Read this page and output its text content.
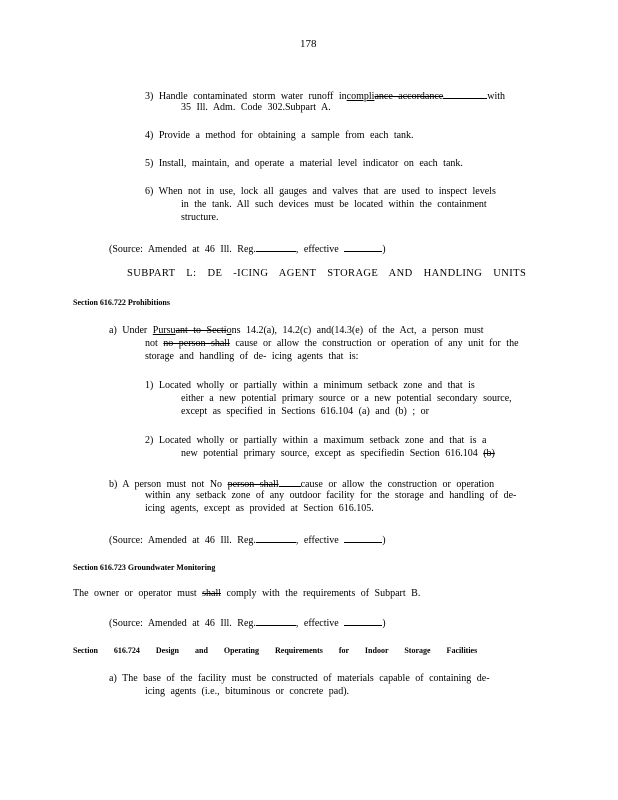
178
3) Handle contaminated storm water runoff incompliance accordance	with
35 Ill. Adm. Code 302.Subpart A.
4) Provide a method for obtaining a sample from each tank.
5) Install, maintain, and operate a material level indicator on each tank.
6) When not in use, lock all gauges and valves that are used to inspect levels
in the tank. All such devices must be located within the containment
structure.
(Source: Amended at 46 Ill. Reg.	, effective	)
SUBPART L: DE -ICING AGENT STORAGE AND HANDLING UNITS
Section 616.722 Prohibitions
a) Under Pursuant to Sections 14.2(a), 14.2(c) and(14.3(e) of the Act, a person must
not no person shall cause or allow the construction or operation of any unit for the
storage and handling of de- icing agents that is:
1) Located wholly or partially within a minimum setback zone and that is
either a new potential primary source or a new potential secondary source,
except as specified in Sections 616.104 (a) and (b) ; or
2) Located wholly or partially within a maximum setback zone and that is a
new potential primary source, except as specifiedin Section 616.104 (b)
b) A person must not No person shall cause or allow the construction or operation
within any setback zone of any outdoor facility for the storage and handling of de-
icing agents, except as provided at Section 616.105.
(Source: Amended at 46 Ill. Reg.	, effective	)
Section 616.723 Groundwater Monitoring
The owner or operator must shall comply with the requirements of Subpart B.
(Source: Amended at 46 Ill. Reg.	, effective	)
Section 616.724 Design and Operating Requirements for Indoor Storage Facilities
a) The base of the facility must be constructed of materials capable of containing de-
icing agents (i.e., bituminous or concrete pad).
